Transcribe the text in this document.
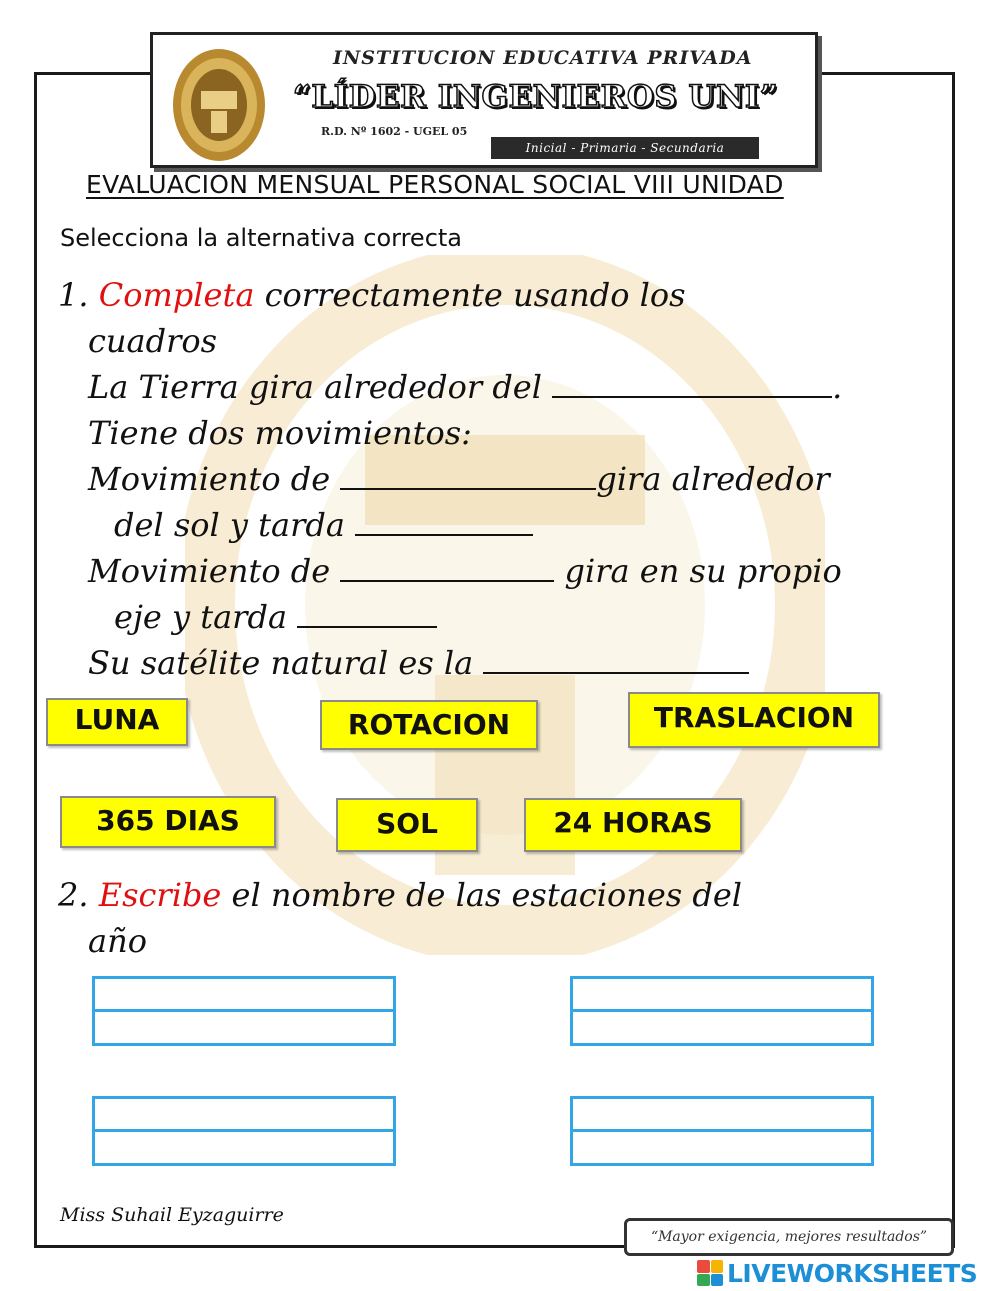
INSTITUCION EDUCATIVA PRIVADA
“LÍDER INGENIEROS UNI”
R.D. Nº 1602 - UGEL 05
Inicial - Primaria - Secundaria
EVALUACION MENSUAL PERSONAL SOCIAL VIII UNIDAD
Selecciona la alternativa correcta
1. Completa correctamente usando los
cuadros
La Tierra gira alrededor del	.
Tiene dos movimientos:
Movimiento de	gira alrededor
del sol y tarda
Movimiento de	gira en su propio
eje y tarda
Su satélite natural es la
LUNA	ROTACION	TRASLACION
365 DIAS	SOL	24 HORAS
2. Escribe el nombre de las estaciones del
año
Miss Suhail Eyzaguirre
“Mayor exigencia, mejores resultados”
LIVEWORKSHEETS
